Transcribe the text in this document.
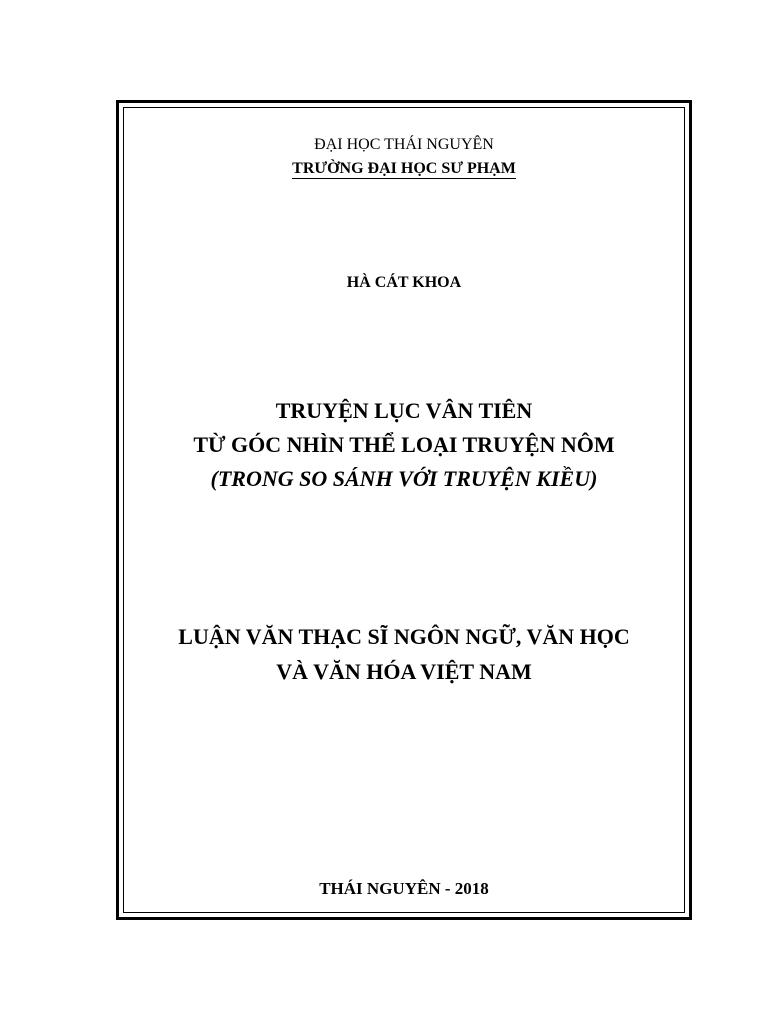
ĐẠI HỌC THÁI NGUYÊN
TRƯỜNG ĐẠI HỌC SƯ PHẠM
HÀ CÁT KHOA
TRUYỆN LỤC VÂN TIÊN
TỪ GÓC NHÌN THỂ LOẠI TRUYỆN NÔM
(TRONG SO SÁNH VỚI TRUYỆN KIỀU)
LUẬN VĂN THẠC SĨ NGÔN NGỮ, VĂN HỌC
VÀ VĂN HÓA VIỆT NAM
THÁI NGUYÊN - 2018
